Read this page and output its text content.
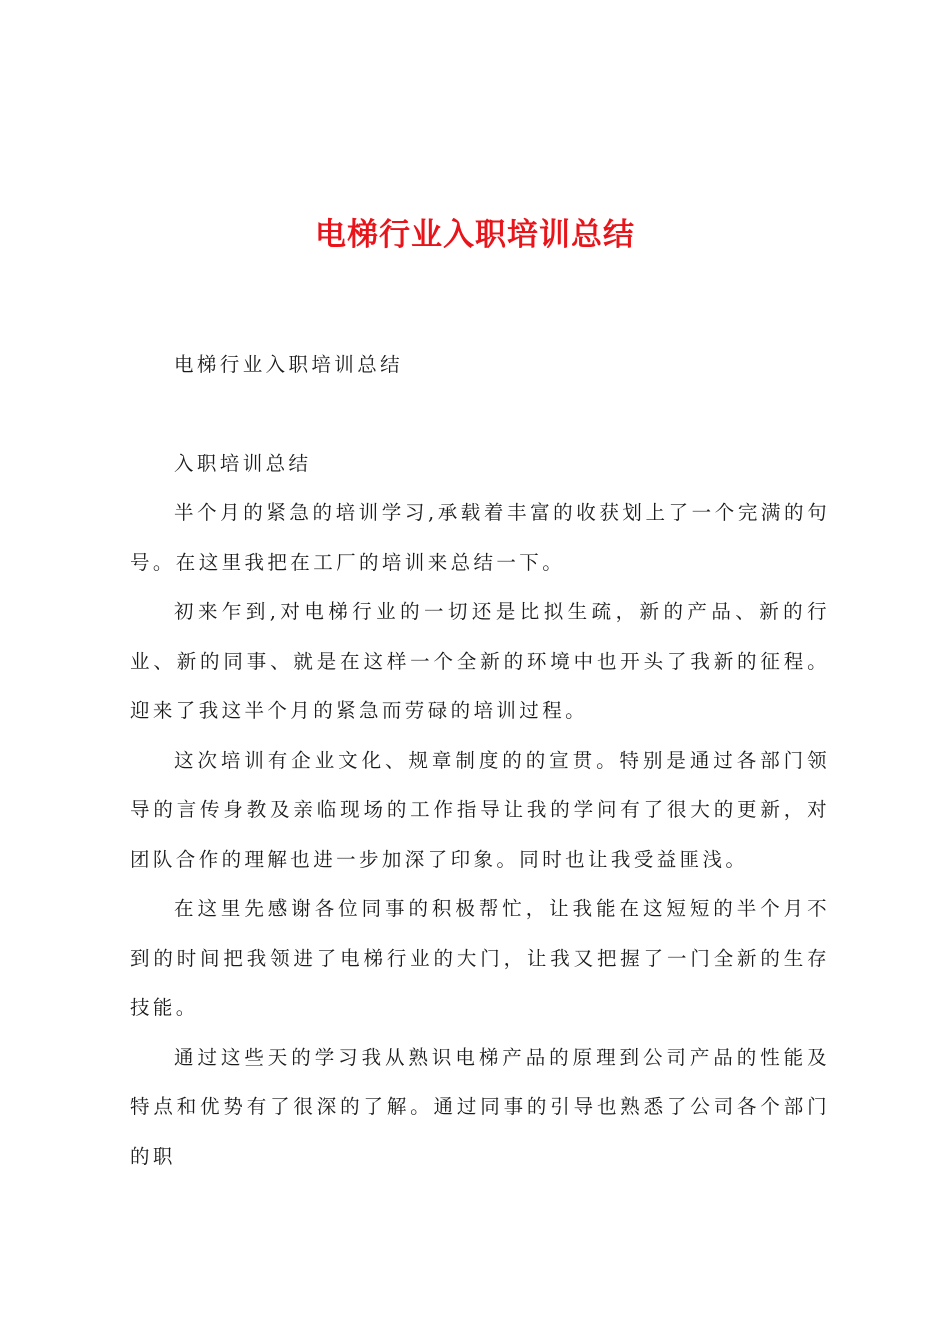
电梯行业入职培训总结

电梯行业入职培训总结

入职培训总结

半个月的紧急的培训学习,承载着丰富的收获划上了一个完满的句号。在这里我把在工厂的培训来总结一下。

初来乍到,对电梯行业的一切还是比拟生疏，新的产品、新的行业、新的同事、就是在这样一个全新的环境中也开头了我新的征程。迎来了我这半个月的紧急而劳碌的培训过程。

这次培训有企业文化、规章制度的的宣贯。特别是通过各部门领导的言传身教及亲临现场的工作指导让我的学问有了很大的更新，对团队合作的理解也进一步加深了印象。同时也让我受益匪浅。

在这里先感谢各位同事的积极帮忙，让我能在这短短的半个月不到的时间把我领进了电梯行业的大门，让我又把握了一门全新的生存技能。

通过这些天的学习我从熟识电梯产品的原理到公司产品的性能及特点和优势有了很深的了解。通过同事的引导也熟悉了公司各个部门的职
